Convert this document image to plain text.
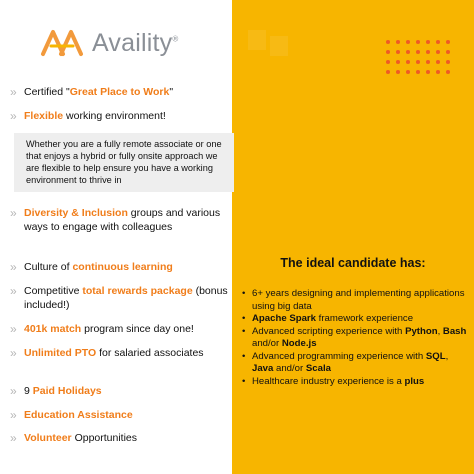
Availity®
» Certified "Great Place to Work"
» Flexible working environment!
» Diversity & Inclusion groups and various ways to engage with colleagues
» Culture of continuous learning
» Competitive total rewards package (bonus included!)
» 401k match program since day one!
» Unlimited PTO for salaried associates
» 9 Paid Holidays
» Education Assistance
» Volunteer Opportunities
Whether you are a fully remote associate or one that enjoys a hybrid or fully onsite approach we are flexible to help ensure you have a working environment to thrive in
The ideal candidate has:
• 6+ years designing and implementing applications using big data
• Apache Spark framework experience
• Advanced scripting experience with Python, Bash and/or Node.js
• Advanced programming experience with SQL, Java and/or Scala
• Healthcare industry experience is a plus
